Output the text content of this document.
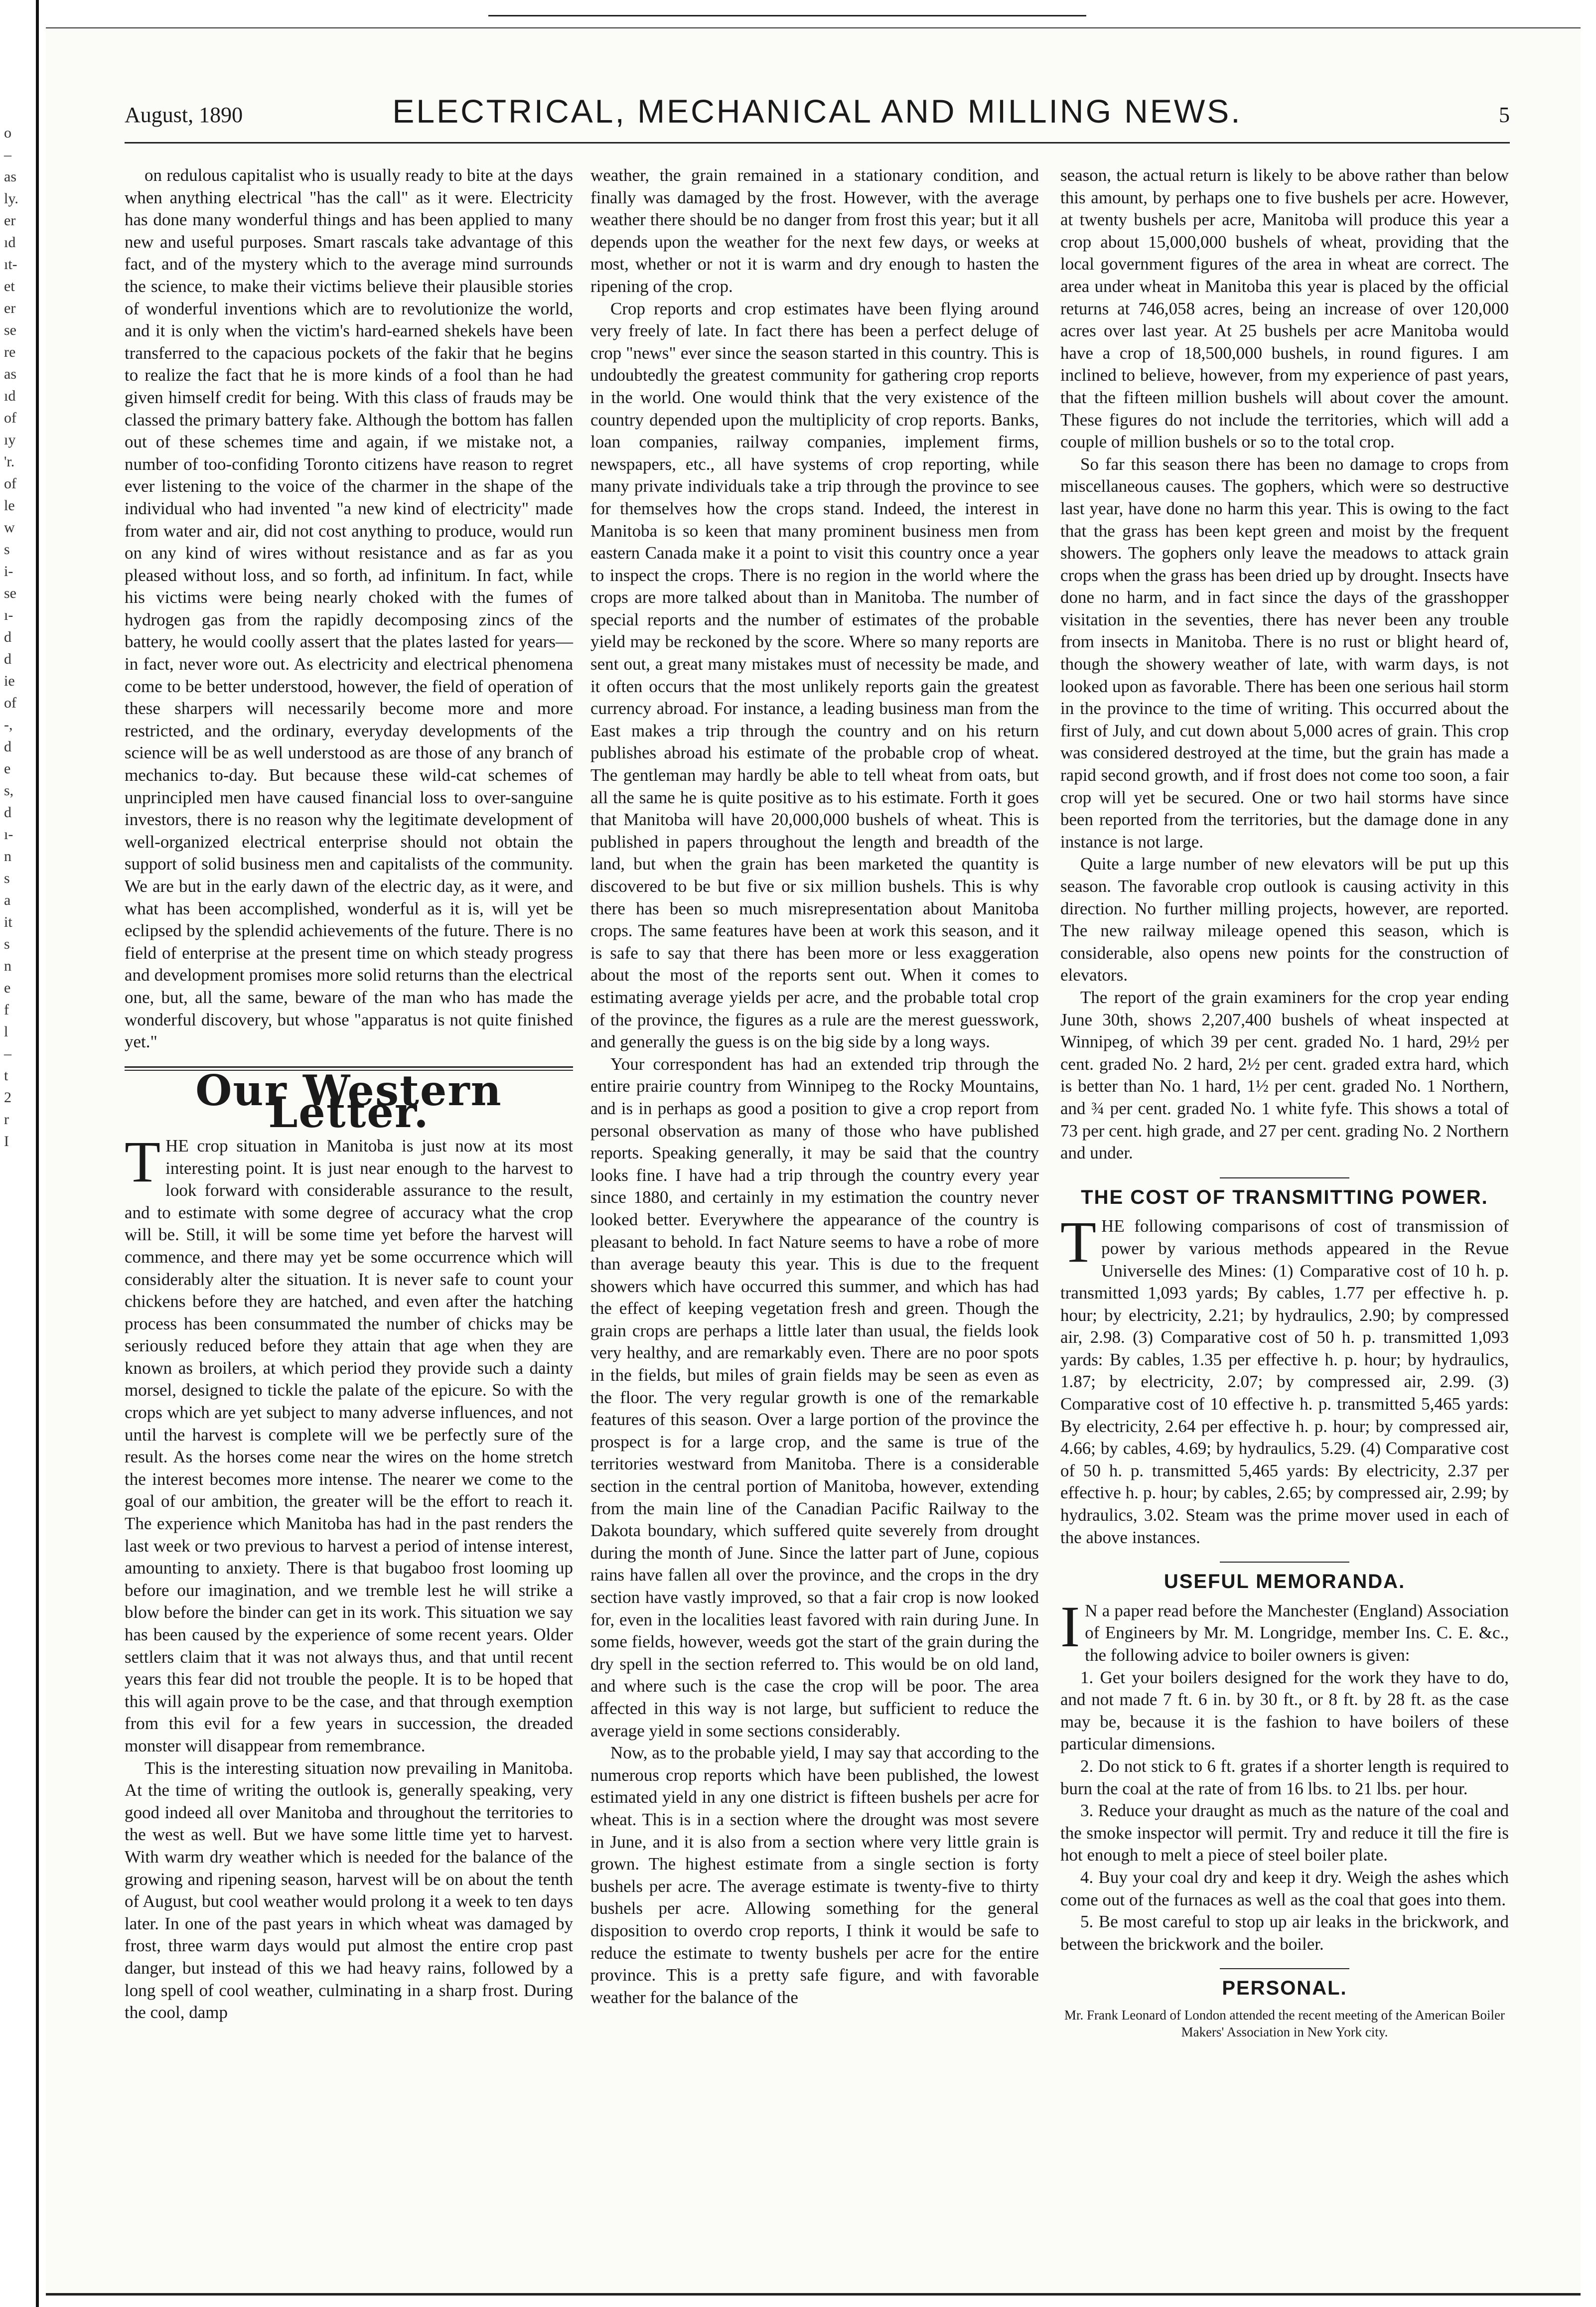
o
–
as
ly.
er
ıd
ıt-
et
er
se
re
as
ıd
of
ıy
'r.
of
le
w
s
i-
se
ı-
d
d
ie
of
-,
d
e
s,
d
ı-
n
s
a
it
s
n
e
f
l
–
t
2
r
I
August, 1890	ELECTRICAL, MECHANICAL AND MILLING NEWS.	5

on redulous capitalist who is usually ready to bite at the days when anything electrical "has the call" as it were. Electricity has done many wonderful things and has been applied to many new and useful purposes. Smart rascals take advantage of this fact, and of the mystery which to the average mind surrounds the science, to make their victims believe their plausible stories of wonderful inventions which are to revolutionize the world, and it is only when the victim's hard-earned shekels have been transferred to the capacious pockets of the fakir that he begins to realize the fact that he is more kinds of a fool than he had given himself credit for being. With this class of frauds may be classed the primary battery fake. Although the bottom has fallen out of these schemes time and again, if we mistake not, a number of too-confiding Toronto citizens have reason to regret ever listening to the voice of the charmer in the shape of the individual who had invented "a new kind of electricity" made from water and air, did not cost anything to produce, would run on any kind of wires without resistance and as far as you pleased without loss, and so forth, ad infinitum. In fact, while his victims were being nearly choked with the fumes of hydrogen gas from the rapidly decomposing zincs of the battery, he would coolly assert that the plates lasted for years—in fact, never wore out. As electricity and electrical phenomena come to be better understood, however, the field of operation of these sharpers will necessarily become more and more restricted, and the ordinary, everyday developments of the science will be as well understood as are those of any branch of mechanics to-day. But because these wild-cat schemes of unprincipled men have caused financial loss to over-sanguine investors, there is no reason why the legitimate development of well-organized electrical enterprise should not obtain the support of solid business men and capitalists of the community. We are but in the early dawn of the electric day, as it were, and what has been accomplished, wonderful as it is, will yet be eclipsed by the splendid achievements of the future. There is no field of enterprise at the present time on which steady progress and development promises more solid returns than the electrical one, but, all the same, beware of the man who has made the wonderful discovery, but whose "apparatus is not quite finished yet."

Our Western Letter.

THE crop situation in Manitoba is just now at its most interesting point. It is just near enough to the harvest to look forward with considerable assurance to the result, and to estimate with some degree of accuracy what the crop will be. Still, it will be some time yet before the harvest will commence, and there may yet be some occurrence which will considerably alter the situation. It is never safe to count your chickens before they are hatched, and even after the hatching process has been consummated the number of chicks may be seriously reduced before they attain that age when they are known as broilers, at which period they provide such a dainty morsel, designed to tickle the palate of the epicure. So with the crops which are yet subject to many adverse influences, and not until the harvest is complete will we be perfectly sure of the result. As the horses come near the wires on the home stretch the interest becomes more intense. The nearer we come to the goal of our ambition, the greater will be the effort to reach it. The experience which Manitoba has had in the past renders the last week or two previous to harvest a period of intense interest, amounting to anxiety. There is that bugaboo frost looming up before our imagination, and we tremble lest he will strike a blow before the binder can get in its work. This situation we say has been caused by the experience of some recent years. Older settlers claim that it was not always thus, and that until recent years this fear did not trouble the people. It is to be hoped that this will again prove to be the case, and that through exemption from this evil for a few years in succession, the dreaded monster will disappear from remembrance.

This is the interesting situation now prevailing in Manitoba. At the time of writing the outlook is, generally speaking, very good indeed all over Manitoba and throughout the territories to the west as well. But we have some little time yet to harvest. With warm dry weather which is needed for the balance of the growing and ripening season, harvest will be on about the tenth of August, but cool weather would prolong it a week to ten days later. In one of the past years in which wheat was damaged by frost, three warm days would put almost the entire crop past danger, but instead of this we had heavy rains, followed by a long spell of cool weather, culminating in a sharp frost. During the cool, damp

weather, the grain remained in a stationary condition, and finally was damaged by the frost. However, with the average weather there should be no danger from frost this year; but it all depends upon the weather for the next few days, or weeks at most, whether or not it is warm and dry enough to hasten the ripening of the crop.

Crop reports and crop estimates have been flying around very freely of late. In fact there has been a perfect deluge of crop "news" ever since the season started in this country. This is undoubtedly the greatest community for gathering crop reports in the world. One would think that the very existence of the country depended upon the multiplicity of crop reports. Banks, loan companies, railway companies, implement firms, newspapers, etc., all have systems of crop reporting, while many private individuals take a trip through the province to see for themselves how the crops stand. Indeed, the interest in Manitoba is so keen that many prominent business men from eastern Canada make it a point to visit this country once a year to inspect the crops. There is no region in the world where the crops are more talked about than in Manitoba. The number of special reports and the number of estimates of the probable yield may be reckoned by the score. Where so many reports are sent out, a great many mistakes must of necessity be made, and it often occurs that the most unlikely reports gain the greatest currency abroad. For instance, a leading business man from the East makes a trip through the country and on his return publishes abroad his estimate of the probable crop of wheat. The gentleman may hardly be able to tell wheat from oats, but all the same he is quite positive as to his estimate. Forth it goes that Manitoba will have 20,000,000 bushels of wheat. This is published in papers throughout the length and breadth of the land, but when the grain has been marketed the quantity is discovered to be but five or six million bushels. This is why there has been so much misrepresentation about Manitoba crops. The same features have been at work this season, and it is safe to say that there has been more or less exaggeration about the most of the reports sent out. When it comes to estimating average yields per acre, and the probable total crop of the province, the figures as a rule are the merest guesswork, and generally the guess is on the big side by a long ways.

Your correspondent has had an extended trip through the entire prairie country from Winnipeg to the Rocky Mountains, and is in perhaps as good a position to give a crop report from personal observation as many of those who have published reports. Speaking generally, it may be said that the country looks fine. I have had a trip through the country every year since 1880, and certainly in my estimation the country never looked better. Everywhere the appearance of the country is pleasant to behold. In fact Nature seems to have a robe of more than average beauty this year. This is due to the frequent showers which have occurred this summer, and which has had the effect of keeping vegetation fresh and green. Though the grain crops are perhaps a little later than usual, the fields look very healthy, and are remarkably even. There are no poor spots in the fields, but miles of grain fields may be seen as even as the floor. The very regular growth is one of the remarkable features of this season. Over a large portion of the province the prospect is for a large crop, and the same is true of the territories westward from Manitoba. There is a considerable section in the central portion of Manitoba, however, extending from the main line of the Canadian Pacific Railway to the Dakota boundary, which suffered quite severely from drought during the month of June. Since the latter part of June, copious rains have fallen all over the province, and the crops in the dry section have vastly improved, so that a fair crop is now looked for, even in the localities least favored with rain during June. In some fields, however, weeds got the start of the grain during the dry spell in the section referred to. This would be on old land, and where such is the case the crop will be poor. The area affected in this way is not large, but sufficient to reduce the average yield in some sections considerably.

Now, as to the probable yield, I may say that according to the numerous crop reports which have been published, the lowest estimated yield in any one district is fifteen bushels per acre for wheat. This is in a section where the drought was most severe in June, and it is also from a section where very little grain is grown. The highest estimate from a single section is forty bushels per acre. The average estimate is twenty-five to thirty bushels per acre. Allowing something for the general disposition to overdo crop reports, I think it would be safe to reduce the estimate to twenty bushels per acre for the entire province. This is a pretty safe figure, and with favorable weather for the balance of the

season, the actual return is likely to be above rather than below this amount, by perhaps one to five bushels per acre. However, at twenty bushels per acre, Manitoba will produce this year a crop about 15,000,000 bushels of wheat, providing that the local government figures of the area in wheat are correct. The area under wheat in Manitoba this year is placed by the official returns at 746,058 acres, being an increase of over 120,000 acres over last year. At 25 bushels per acre Manitoba would have a crop of 18,500,000 bushels, in round figures. I am inclined to believe, however, from my experience of past years, that the fifteen million bushels will about cover the amount. These figures do not include the territories, which will add a couple of million bushels or so to the total crop.

So far this season there has been no damage to crops from miscellaneous causes. The gophers, which were so destructive last year, have done no harm this year. This is owing to the fact that the grass has been kept green and moist by the frequent showers. The gophers only leave the meadows to attack grain crops when the grass has been dried up by drought. Insects have done no harm, and in fact since the days of the grasshopper visitation in the seventies, there has never been any trouble from insects in Manitoba. There is no rust or blight heard of, though the showery weather of late, with warm days, is not looked upon as favorable. There has been one serious hail storm in the province to the time of writing. This occurred about the first of July, and cut down about 5,000 acres of grain. This crop was considered destroyed at the time, but the grain has made a rapid second growth, and if frost does not come too soon, a fair crop will yet be secured. One or two hail storms have since been reported from the territories, but the damage done in any instance is not large.

Quite a large number of new elevators will be put up this season. The favorable crop outlook is causing activity in this direction. No further milling projects, however, are reported. The new railway mileage opened this season, which is considerable, also opens new points for the construction of elevators.

The report of the grain examiners for the crop year ending June 30th, shows 2,207,400 bushels of wheat inspected at Winnipeg, of which 39 per cent. graded No. 1 hard, 29½ per cent. graded No. 2 hard, 2½ per cent. graded extra hard, which is better than No. 1 hard, 1½ per cent. graded No. 1 Northern, and ¾ per cent. graded No. 1 white fyfe. This shows a total of 73 per cent. high grade, and 27 per cent. grading No. 2 Northern and under.

THE COST OF TRANSMITTING POWER.

THE following comparisons of cost of transmission of power by various methods appeared in the Revue Universelle des Mines: (1) Comparative cost of 10 h. p. transmitted 1,093 yards; By cables, 1.77 per effective h. p. hour; by electricity, 2.21; by hydraulics, 2.90; by compressed air, 2.98. (3) Comparative cost of 50 h. p. transmitted 1,093 yards: By cables, 1.35 per effective h. p. hour; by hydraulics, 1.87; by electricity, 2.07; by compressed air, 2.99. (3) Comparative cost of 10 effective h. p. transmitted 5,465 yards: By electricity, 2.64 per effective h. p. hour; by compressed air, 4.66; by cables, 4.69; by hydraulics, 5.29. (4) Comparative cost of 50 h. p. transmitted 5,465 yards: By electricity, 2.37 per effective h. p. hour; by cables, 2.65; by compressed air, 2.99; by hydraulics, 3.02. Steam was the prime mover used in each of the above instances.

USEFUL MEMORANDA.

I N a paper read before the Manchester (England) Association of Engineers by Mr. M. Longridge, member Ins. C. E. &c., the following advice to boiler owners is given:

1. Get your boilers designed for the work they have to do, and not made 7 ft. 6 in. by 30 ft., or 8 ft. by 28 ft. as the case may be, because it is the fashion to have boilers of these particular dimensions.

2. Do not stick to 6 ft. grates if a shorter length is required to burn the coal at the rate of from 16 lbs. to 21 lbs. per hour.

3. Reduce your draught as much as the nature of the coal and the smoke inspector will permit. Try and reduce it till the fire is hot enough to melt a piece of steel boiler plate.

4. Buy your coal dry and keep it dry. Weigh the ashes which come out of the furnaces as well as the coal that goes into them.

5. Be most careful to stop up air leaks in the brickwork, and between the brickwork and the boiler.

PERSONAL.
Mr. Frank Leonard of London attended the recent meeting of the American Boiler Makers' Association in New York city.
